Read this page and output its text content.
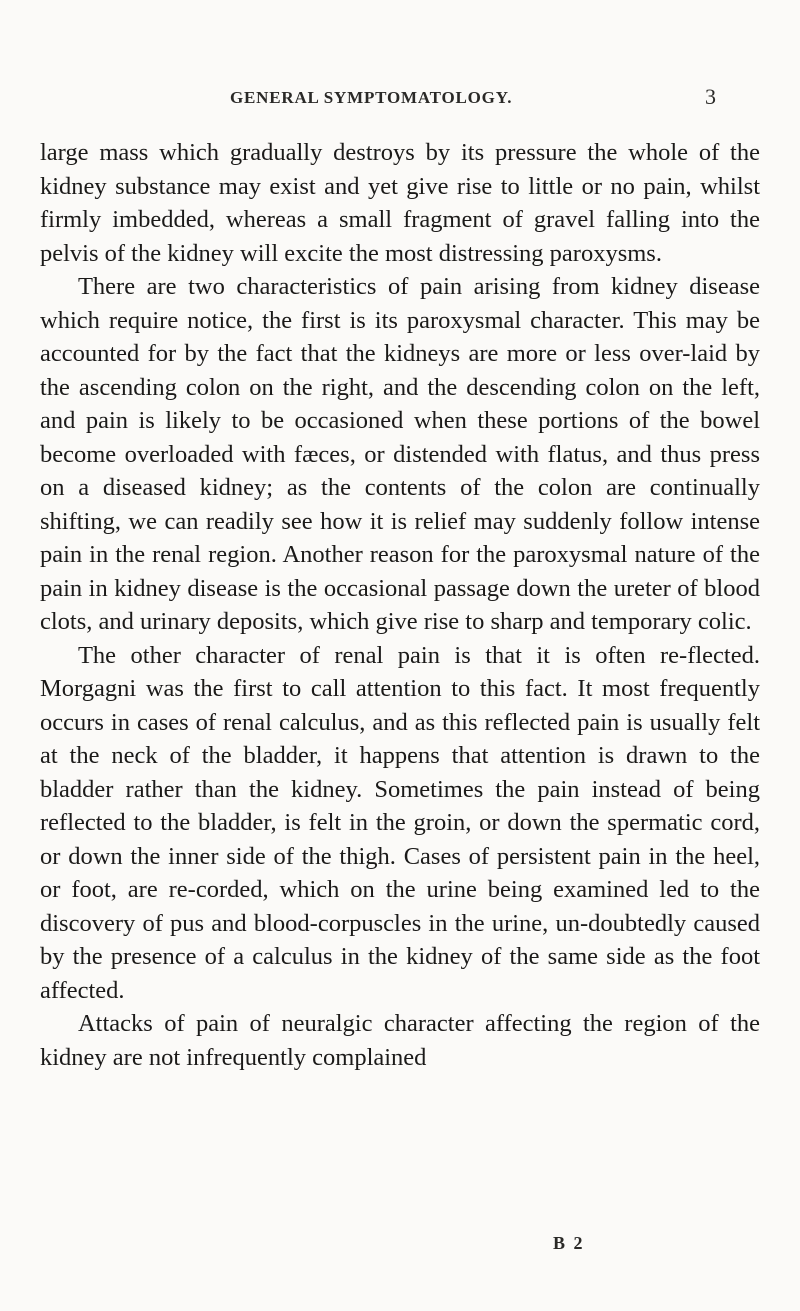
GENERAL SYMPTOMATOLOGY.	3

large mass which gradually destroys by its pressure the whole of the kidney substance may exist and yet give rise to little or no pain, whilst firmly imbedded, whereas a small fragment of gravel falling into the pelvis of the kidney will excite the most distressing paroxysms.

There are two characteristics of pain arising from kidney disease which require notice, the first is its paroxysmal character. This may be accounted for by the fact that the kidneys are more or less over-laid by the ascending colon on the right, and the descending colon on the left, and pain is likely to be occasioned when these portions of the bowel become overloaded with fæces, or distended with flatus, and thus press on a diseased kidney; as the contents of the colon are continually shifting, we can readily see how it is relief may suddenly follow intense pain in the renal region. Another reason for the paroxysmal nature of the pain in kidney disease is the occasional passage down the ureter of blood clots, and urinary deposits, which give rise to sharp and temporary colic.

The other character of renal pain is that it is often re-flected. Morgagni was the first to call attention to this fact. It most frequently occurs in cases of renal calculus, and as this reflected pain is usually felt at the neck of the bladder, it happens that attention is drawn to the bladder rather than the kidney. Sometimes the pain instead of being reflected to the bladder, is felt in the groin, or down the spermatic cord, or down the inner side of the thigh. Cases of persistent pain in the heel, or foot, are re-corded, which on the urine being examined led to the discovery of pus and blood-corpuscles in the urine, un-doubtedly caused by the presence of a calculus in the kidney of the same side as the foot affected.

Attacks of pain of neuralgic character affecting the region of the kidney are not infrequently complained

B 2
